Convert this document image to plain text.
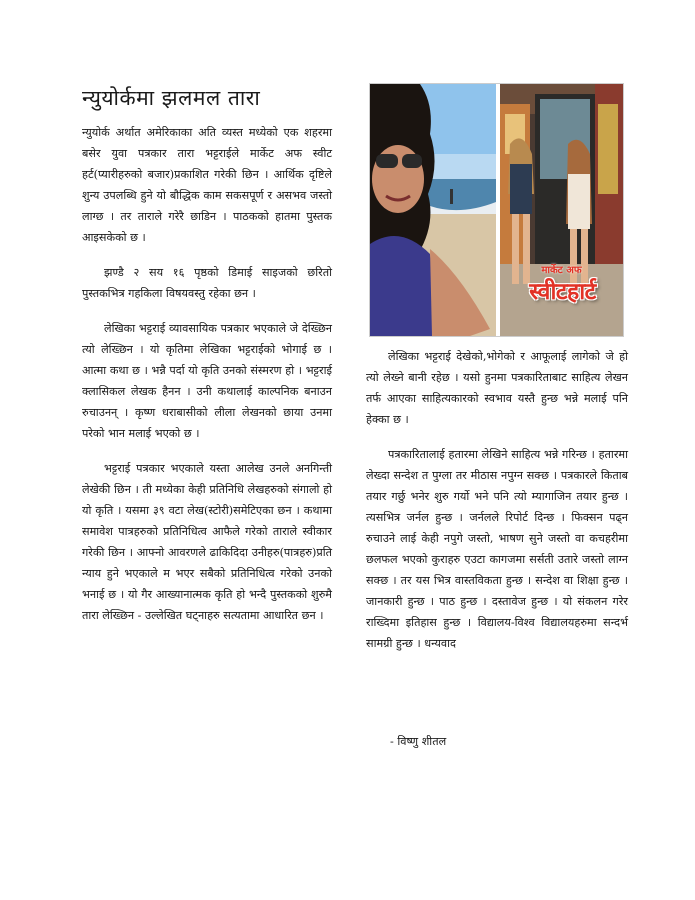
न्युयोर्कमा झलमल तारा

न्युयोर्क अर्थात अमेरिकाका अति व्यस्त मध्येको एक शहरमा बसेर युवा पत्रकार तारा भट्टराईले मार्केट अफ स्वीट हर्ट(प्यारीहरुको बजार)प्रकाशित गरेकी छिन । आर्थिक दृष्टिले शुन्य उपलब्धि हुने यो बौद्धिक काम सकसपूर्ण र असभव जस्तो लाग्छ । तर ताराले गरेरै छाडिन । पाठकको हातमा पुस्तक आइसकेको छ ।

झण्डै २ सय १६ पृष्ठको डिमाई साइजको छरितो पुस्तकभित्र गहकिला विषयवस्तु रहेका छन ।

लेखिका भट्टराई व्यावसायिक पत्रकार भएकाले जे देख्छिन त्यो लेख्छिन । यो कृतिमा लेखिका भट्टराईको भोगाई छ । आत्मा कथा छ । भन्नै पर्दा यो कृति उनको संस्मरण हो । भट्टराई क्लासिकल लेखक हैनन । उनी कथालाई काल्पनिक बनाउन रुचाउनन् । कृष्ण धराबासीको लीला लेखनको छाया उनमा परेको भान मलाई भएको छ ।

भट्टराई पत्रकार भएकाले यस्ता आलेख उनले अनगिन्ती लेखेकी छिन । ती मध्येका केही प्रतिनिधि लेखहरुको संगालो हो यो कृति । यसमा ३९ वटा लेख(स्टोरी)समेटिएका छन । कथामा समावेश पात्रहरुको प्रतिनिधित्व आफैले गरेको ताराले स्वीकार गरेकी छिन । आफ्नो आवरणले ढाकिदिदा उनीहरु(पात्रहरु)प्रति न्याय हुने भएकाले म भएर सबैको प्रतिनिधित्व गरेको उनको भनाई छ । यो गैर आख्यानात्मक कृति हो भन्दै पुस्तकको शुरुमै तारा लेख्छिन - उल्लेखित घट्नाहरु सत्यतामा आधारित छन ।

मार्केट अफ
स्वीटहार्ट

लेखिका भट्टराई देखेको,भोगेको र आफूलाई लागेको जे हो त्यो लेख्ने बानी रहेछ । यसो हुनमा पत्रकारिताबाट साहित्य लेखन तर्फ आएका साहित्यकारको स्वभाव यस्तै हुन्छ भन्ने मलाई पनि हेक्का छ ।

पत्रकारितालाई हतारमा लेखिने साहित्य भन्ने गरिन्छ । हतारमा लेख्दा सन्देश त पुग्ला तर मीठास नपुग्न सक्छ । पत्रकारले किताब तयार गर्छु भनेर शुरु गर्यो भने पनि त्यो म्यागाजिन तयार हुन्छ । त्यसभित्र जर्नल हुन्छ । जर्नलले रिपोर्ट दिन्छ । फिक्सन पढ्न रुचाउने लाई केही नपुगे जस्तो, भाषण सुने जस्तो वा कचहरीमा छलफल भएको कुराहरु एउटा कागजमा सर्सती उतारे जस्तो लाग्न सक्छ । तर यस भित्र वास्तविकता हुन्छ । सन्देश वा शिक्षा हुन्छ । जानकारी हुन्छ । पाठ हुन्छ । दस्तावेज हुन्छ । यो संकलन गरेर राख्दिमा इतिहास हुन्छ । विद्यालय-विश्व विद्यालयहरुमा सन्दर्भ सामग्री हुन्छ । धन्यवाद

- विष्णु शीतल
